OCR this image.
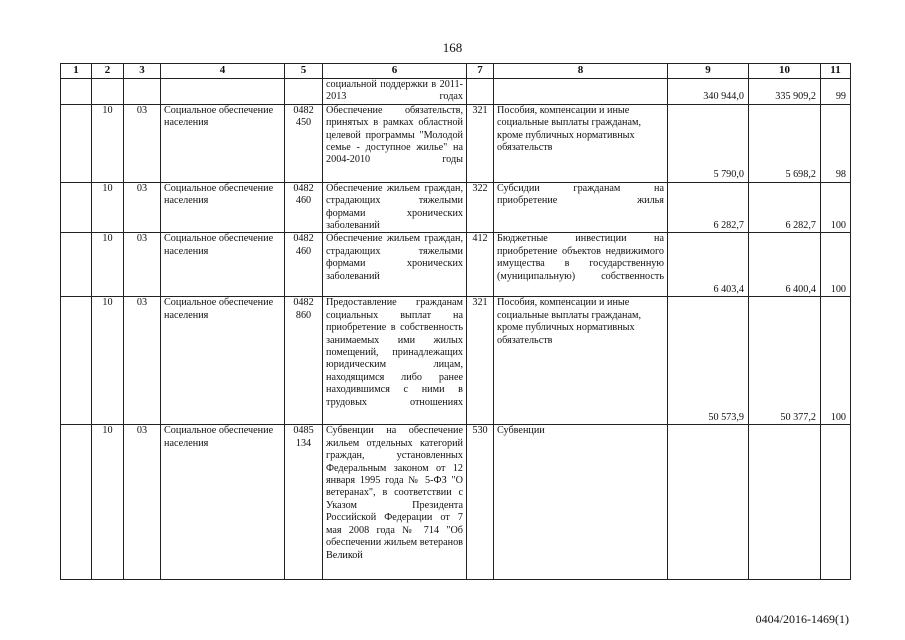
168
1	2	3	4	5	6	7	8	9	10	11
					социальной поддержки в 2011-2013 годах			340 944,0	335 909,2	99
	10	03	Социальное обеспечение населения	0482 450	Обеспечение обязательств, принятых в рамках областной целевой программы "Молодой семье - доступное жилье" на 2004-2010 годы	321	Пособия, компенсации и иные социальные выплаты гражданам, кроме публичных нормативных обязательств	5 790,0	5 698,2	98
	10	03	Социальное обеспечение населения	0482 460	Обеспечение жильем граждан, страдающих тяжелыми формами хронических заболеваний	322	Субсидии гражданам на приобретение жилья	6 282,7	6 282,7	100
	10	03	Социальное обеспечение населения	0482 460	Обеспечение жильем граждан, страдающих тяжелыми формами хронических заболеваний	412	Бюджетные инвестиции на приобретение объектов недвижимого имущества в государственную (муниципальную) собственность	6 403,4	6 400,4	100
	10	03	Социальное обеспечение населения	0482 860	Предоставление гражданам социальных выплат на приобретение в собственность занимаемых ими жилых помещений, принадлежащих юридическим лицам, находящимся либо ранее находившимся с ними в трудовых отношениях	321	Пособия, компенсации и иные социальные выплаты гражданам, кроме публичных нормативных обязательств	50 573,9	50 377,2	100
	10	03	Социальное обеспечение населения	0485 134	Субвенции на обеспечение жильем отдельных категорий граждан, установленных Федеральным законом от 12 января 1995 года № 5-ФЗ "О ветеранах", в соответствии с Указом Президента Российской Федерации от 7 мая 2008 года № 714 "Об обеспечении жильем ветеранов Великой	530	Субвенции			
0404/2016-1469(1)
